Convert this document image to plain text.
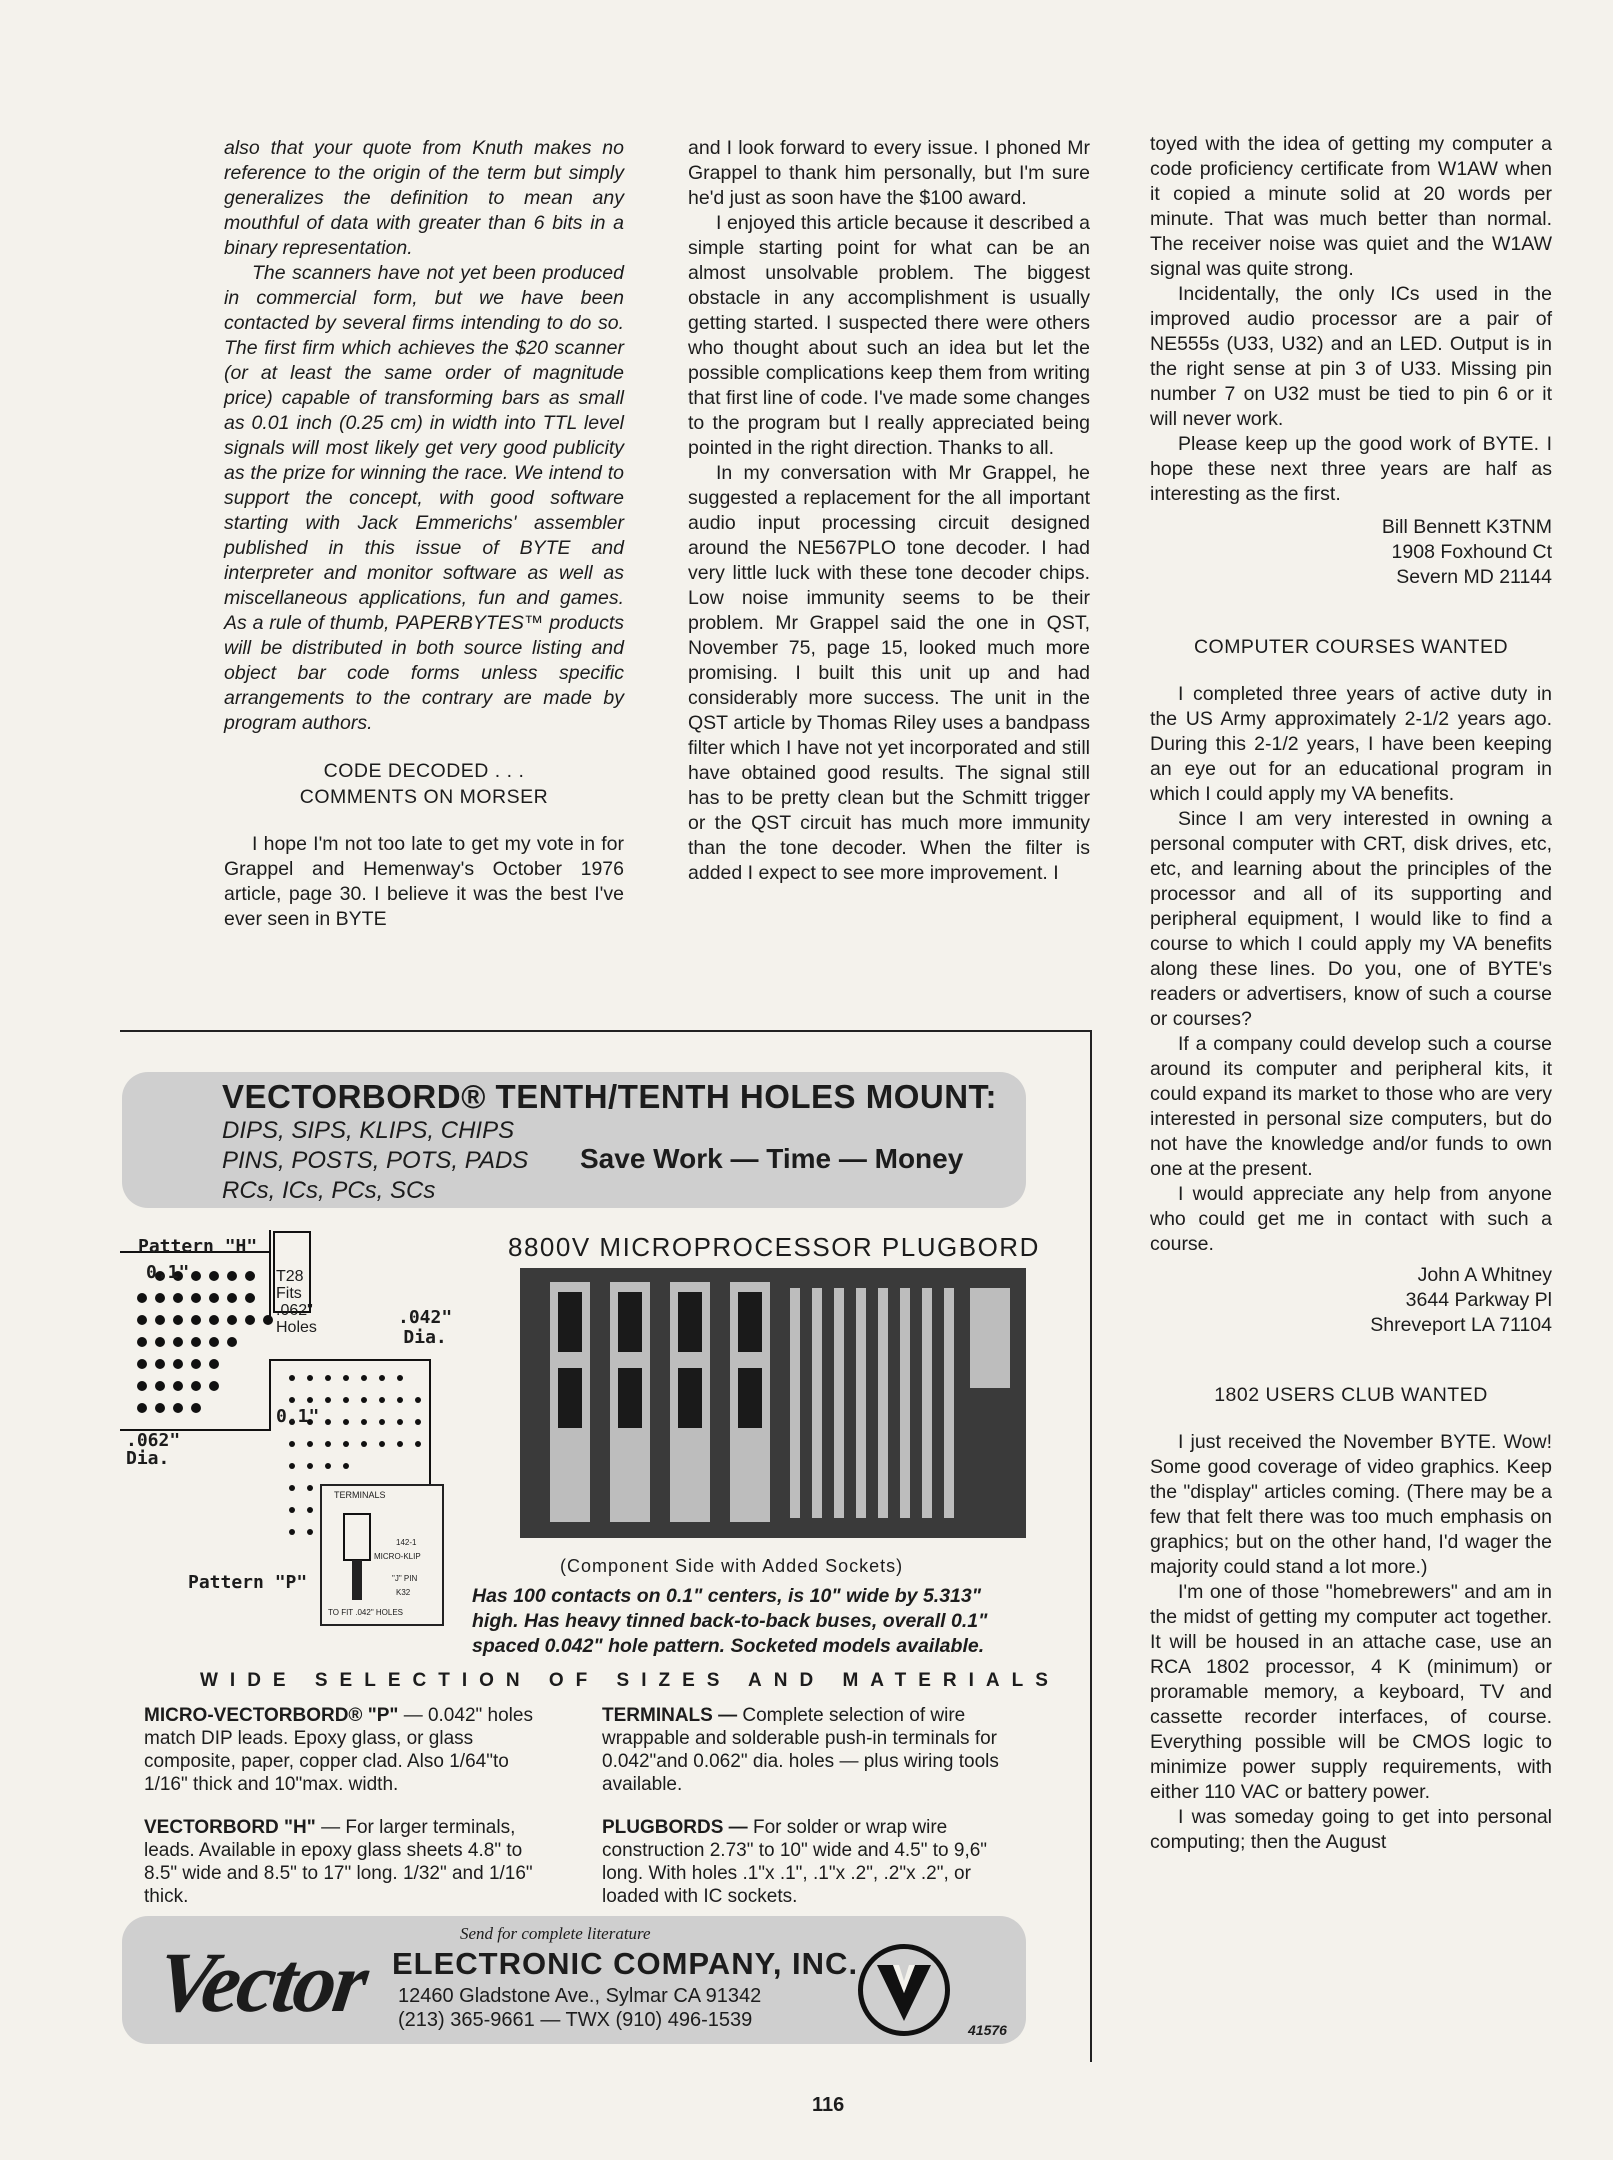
also that your quote from Knuth makes no reference to the origin of the term but simply generalizes the definition to mean any mouthful of data with greater than 6 bits in a binary representation.

The scanners have not yet been produced in commercial form, but we have been contacted by several firms intending to do so. The first firm which achieves the $20 scanner (or at least the same order of magnitude price) capable of transforming bars as small as 0.01 inch (0.25 cm) in width into TTL level signals will most likely get very good publicity as the prize for winning the race. We intend to support the concept, with good software starting with Jack Emmerichs' assembler published in this issue of BYTE and interpreter and monitor software as well as miscellaneous applications, fun and games. As a rule of thumb, PAPERBYTES™ products will be distributed in both source listing and object bar code forms unless specific arrangements to the contrary are made by program authors.

CODE DECODED . . .
COMMENTS ON MORSER

I hope I'm not too late to get my vote in for Grappel and Hemenway's October 1976 article, page 30. I believe it was the best I've ever seen in BYTE

and I look forward to every issue. I phoned Mr Grappel to thank him personally, but I'm sure he'd just as soon have the $100 award.

I enjoyed this article because it described a simple starting point for what can be an almost unsolvable problem. The biggest obstacle in any accomplishment is usually getting started. I suspected there were others who thought about such an idea but let the possible complications keep them from writing that first line of code. I've made some changes to the program but I really appreciated being pointed in the right direction. Thanks to all.

In my conversation with Mr Grappel, he suggested a replacement for the all important audio input processing circuit designed around the NE567PLO tone decoder. I had very little luck with these tone decoder chips. Low noise immunity seems to be their problem. Mr Grappel said the one in QST, November 75, page 15, looked much more promising. I built this unit up and had considerably more success. The unit in the QST article by Thomas Riley uses a bandpass filter which I have not yet incorporated and still have obtained good results. The signal still has to be pretty clean but the Schmitt trigger or the QST circuit has much more immunity than the tone decoder. When the filter is added I expect to see more improvement. I

toyed with the idea of getting my computer a code proficiency certificate from W1AW when it copied a minute solid at 20 words per minute. That was much better than normal. The receiver noise was quiet and the W1AW signal was quite strong.

Incidentally, the only ICs used in the improved audio processor are a pair of NE555s (U33, U32) and an LED. Output is in the right sense at pin 3 of U33. Missing pin number 7 on U32 must be tied to pin 6 or it will never work.

Please keep up the good work of BYTE. I hope these next three years are half as interesting as the first.

Bill Bennett K3TNM
1908 Foxhound Ct
Severn MD 21144
COMPUTER COURSES WANTED

I completed three years of active duty in the US Army approximately 2-1/2 years ago. During this 2-1/2 years, I have been keeping an eye out for an educational program in which I could apply my VA benefits.

Since I am very interested in owning a personal computer with CRT, disk drives, etc, etc, and learning about the principles of the processor and all of its supporting and peripheral equipment, I would like to find a course to which I could apply my VA benefits along these lines. Do you, one of BYTE's readers or advertisers, know of such a course or courses?

If a company could develop such a course around its computer and peripheral kits, it could expand its market to those who are very interested in personal size computers, but do not have the knowledge and/or funds to own one at the present.

I would appreciate any help from anyone who could get me in contact with such a course.

John A Whitney
3644 Parkway Pl
Shreveport LA 71104
1802 USERS CLUB WANTED

I just received the November BYTE. Wow! Some good coverage of video graphics. Keep the "display" articles coming. (There may be a few that felt there was too much emphasis on graphics; but on the other hand, I'd wager the majority could stand a lot more.)

I'm one of those "homebrewers" and am in the midst of getting my computer act together. It will be housed in an attache case, use an RCA 1802 processor, 4 K (minimum) or proramable memory, a keyboard, TV and cassette recorder interfaces, of course. Everything possible will be CMOS logic to minimize power supply requirements, with either 110 VAC or battery power.

I was someday going to get into personal computing; then the August

VECTORBORD® TENTH/TENTH HOLES MOUNT:
DIPS, SIPS, KLIPS, CHIPS
PINS, POSTS, POTS, PADS
RCs, ICs, PCs, SCs
Save Work — Time — Money
Pattern "H"
0.1"
0.1"
.062"
Dia.
.042"
Dia.
T28
Fits
.062"
Holes
TERMINALS
142-1
MICRO-KLIP
"J" PIN
K32
TO FIT .042" HOLES
Pattern "P"
8800V MICROPROCESSOR PLUGBORD
(Component Side with Added Sockets)
Has 100 contacts on 0.1" centers, is 10" wide by 5.313" high. Has heavy tinned back-to-back buses, overall 0.1" spaced 0.042" hole pattern. Socketed models available.
WIDE SELECTION OF SIZES AND MATERIALS
MICRO-VECTORBORD® "P" — 0.042" holes match DIP leads. Epoxy glass, or glass composite, paper, copper clad. Also 1/64"to 1/16" thick and 10"max. width.
VECTORBORD "H" — For larger terminals, leads. Available in epoxy glass sheets 4.8" to 8.5" wide and 8.5" to 17" long. 1/32" and 1/16" thick.
TERMINALS — Complete selection of wire wrappable and solderable push-in terminals for 0.042"and 0.062" dia. holes — plus wiring tools available.
PLUGBORDS — For solder or wrap wire construction 2.73" to 10" wide and 4.5" to 9,6" long. With holes .1"x .1", .1"x .2", .2"x .2", or loaded with IC sockets.
Send for complete literature
Vector ELECTRONIC COMPANY, INC.
12460 Gladstone Ave., Sylmar CA 91342
(213) 365-9661 — TWX (910) 496-1539	41576
116
